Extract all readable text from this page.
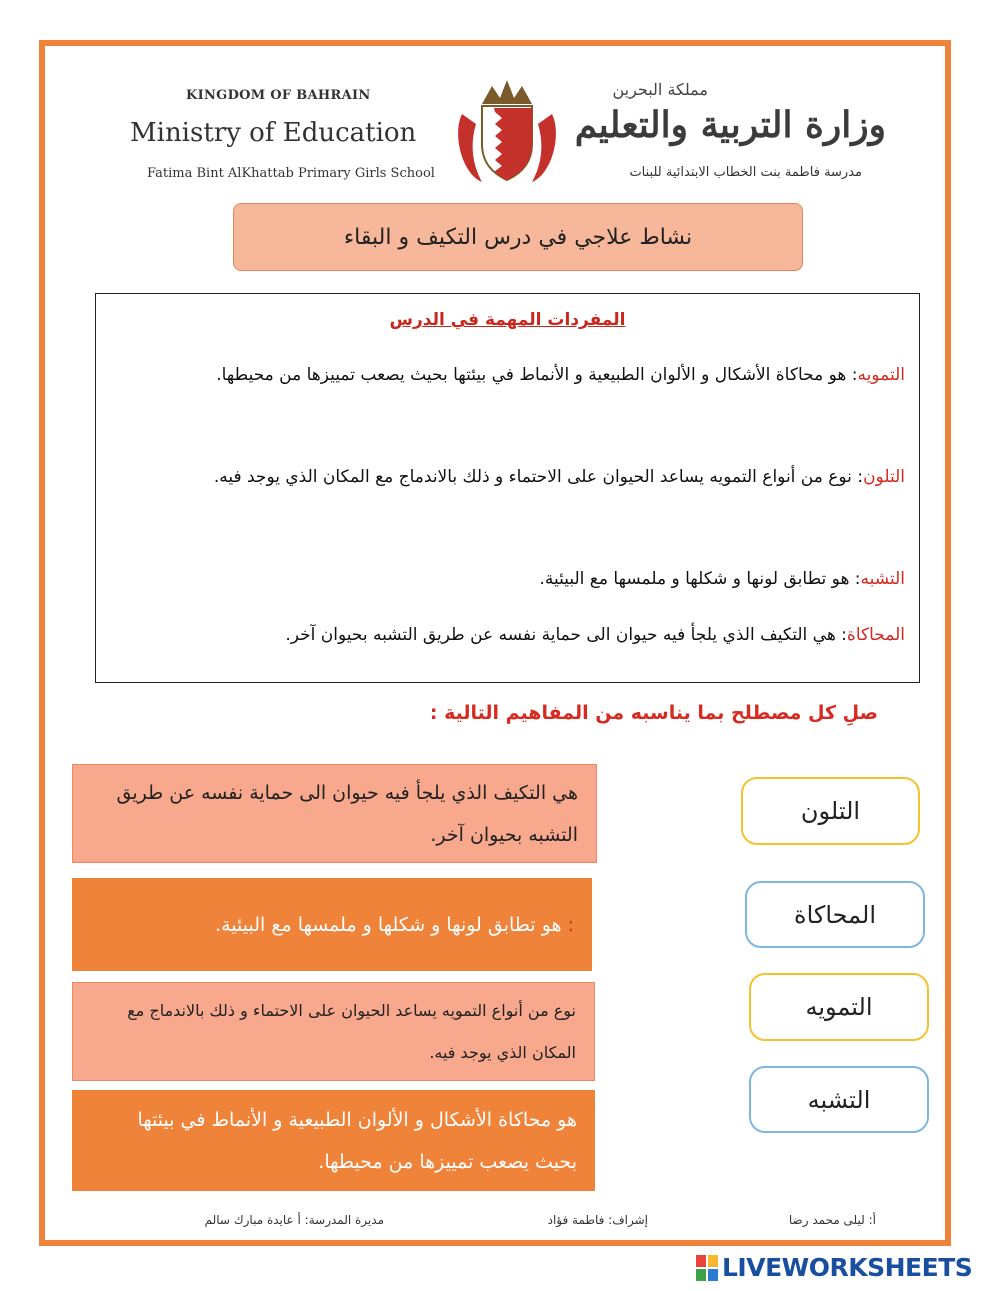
KINGDOM OF BAHRAIN
Ministry of Education
Fatima Bint AlKhattab Primary Girls School
مملكة البحرين
وزارة التربية والتعليم
مدرسة فاطمة بنت الخطاب الابتدائية للبنات
نشاط علاجي في درس التكيف و البقاء
المفردات المهمة في الدرس
التمويه: هو محاكاة الأشكال و الألوان الطبيعية و الأنماط في بيئتها بحيث يصعب تمييزها من محيطها.
التلون: نوع من أنواع التمويه يساعد الحيوان على الاحتماء و ذلك بالاندماج مع المكان الذي يوجد فيه.
التشبه: هو تطابق لونها و شكلها و ملمسها مع البيئية.
المحاكاة: هي التكيف الذي يلجأ فيه حيوان الى حماية نفسه عن طريق التشبه بحيوان آخر.
صلِ كل مصطلح بما يناسبه من المفاهيم التالية :
هي التكيف الذي يلجأ فيه حيوان الى حماية نفسه عن طريق التشبه بحيوان آخر.
: هو تطابق لونها و شكلها و ملمسها مع البيئية.
نوع من أنواع التمويه يساعد الحيوان على الاحتماء و ذلك بالاندماج مع المكان الذي يوجد فيه.
هو محاكاة الأشكال و الألوان الطبيعية و الأنماط في بيئتها بحيث يصعب تمييزها من محيطها.
التلون
المحاكاة
التمويه
التشبه
أ: ليلى محمد رضا
إشراف: فاطمة فؤاد
مديرة المدرسة: أ عايدة مبارك سالم
LIVEWORKSHEETS
